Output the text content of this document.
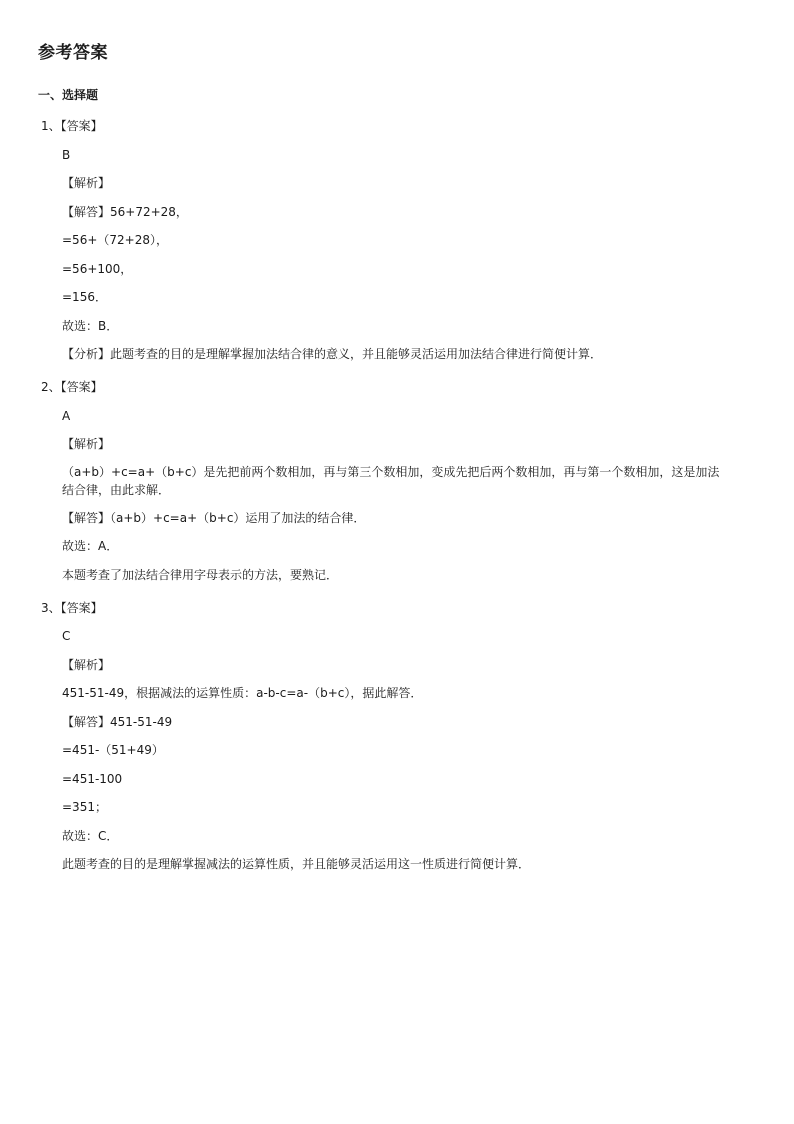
参考答案
一、选择题
1、【答案】
B
【解析】
【解答】56+72+28，
=56+（72+28），
=56+100，
=156．
故选：B．
【分析】此题考查的目的是理解掌握加法结合律的意义，并且能够灵活运用加法结合律进行简便计算．
2、【答案】
A
【解析】
（a+b）+c=a+（b+c）是先把前两个数相加，再与第三个数相加，变成先把后两个数相加，再与第一个数相加，这是加法结合律，由此求解．
【解答】（a+b）+c=a+（b+c）运用了加法的结合律．
故选：A．
本题考查了加法结合律用字母表示的方法，要熟记．
3、【答案】
C
【解析】
451-51-49，根据减法的运算性质：a-b-c=a-（b+c），据此解答．
【解答】451-51-49
=451-（51+49）
=451-100
=351；
故选：C．
此题考查的目的是理解掌握减法的运算性质，并且能够灵活运用这一性质进行简便计算．
